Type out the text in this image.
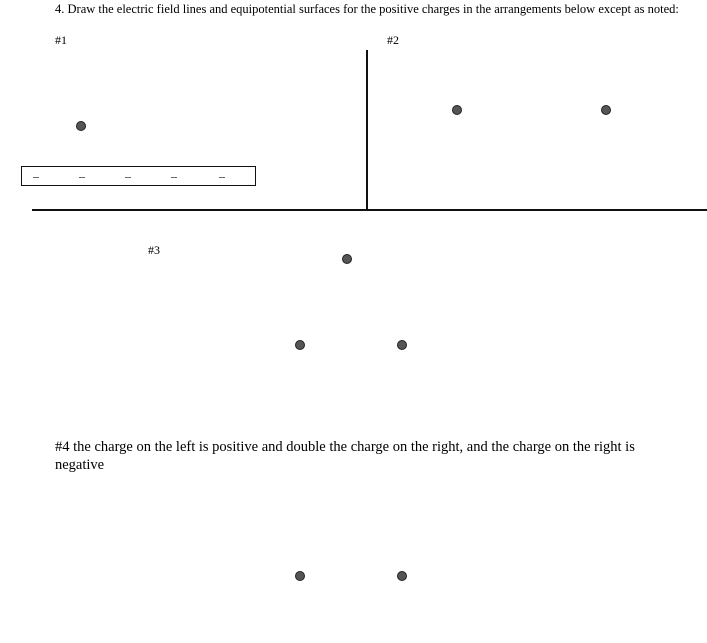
4. Draw the electric field lines and equipotential surfaces for the positive charges in the arrangements below except as noted:
#1	#2
–	–	–	–	–
#3
#4 the charge on the left is positive and double the charge on the right, and the charge on the right is negative
